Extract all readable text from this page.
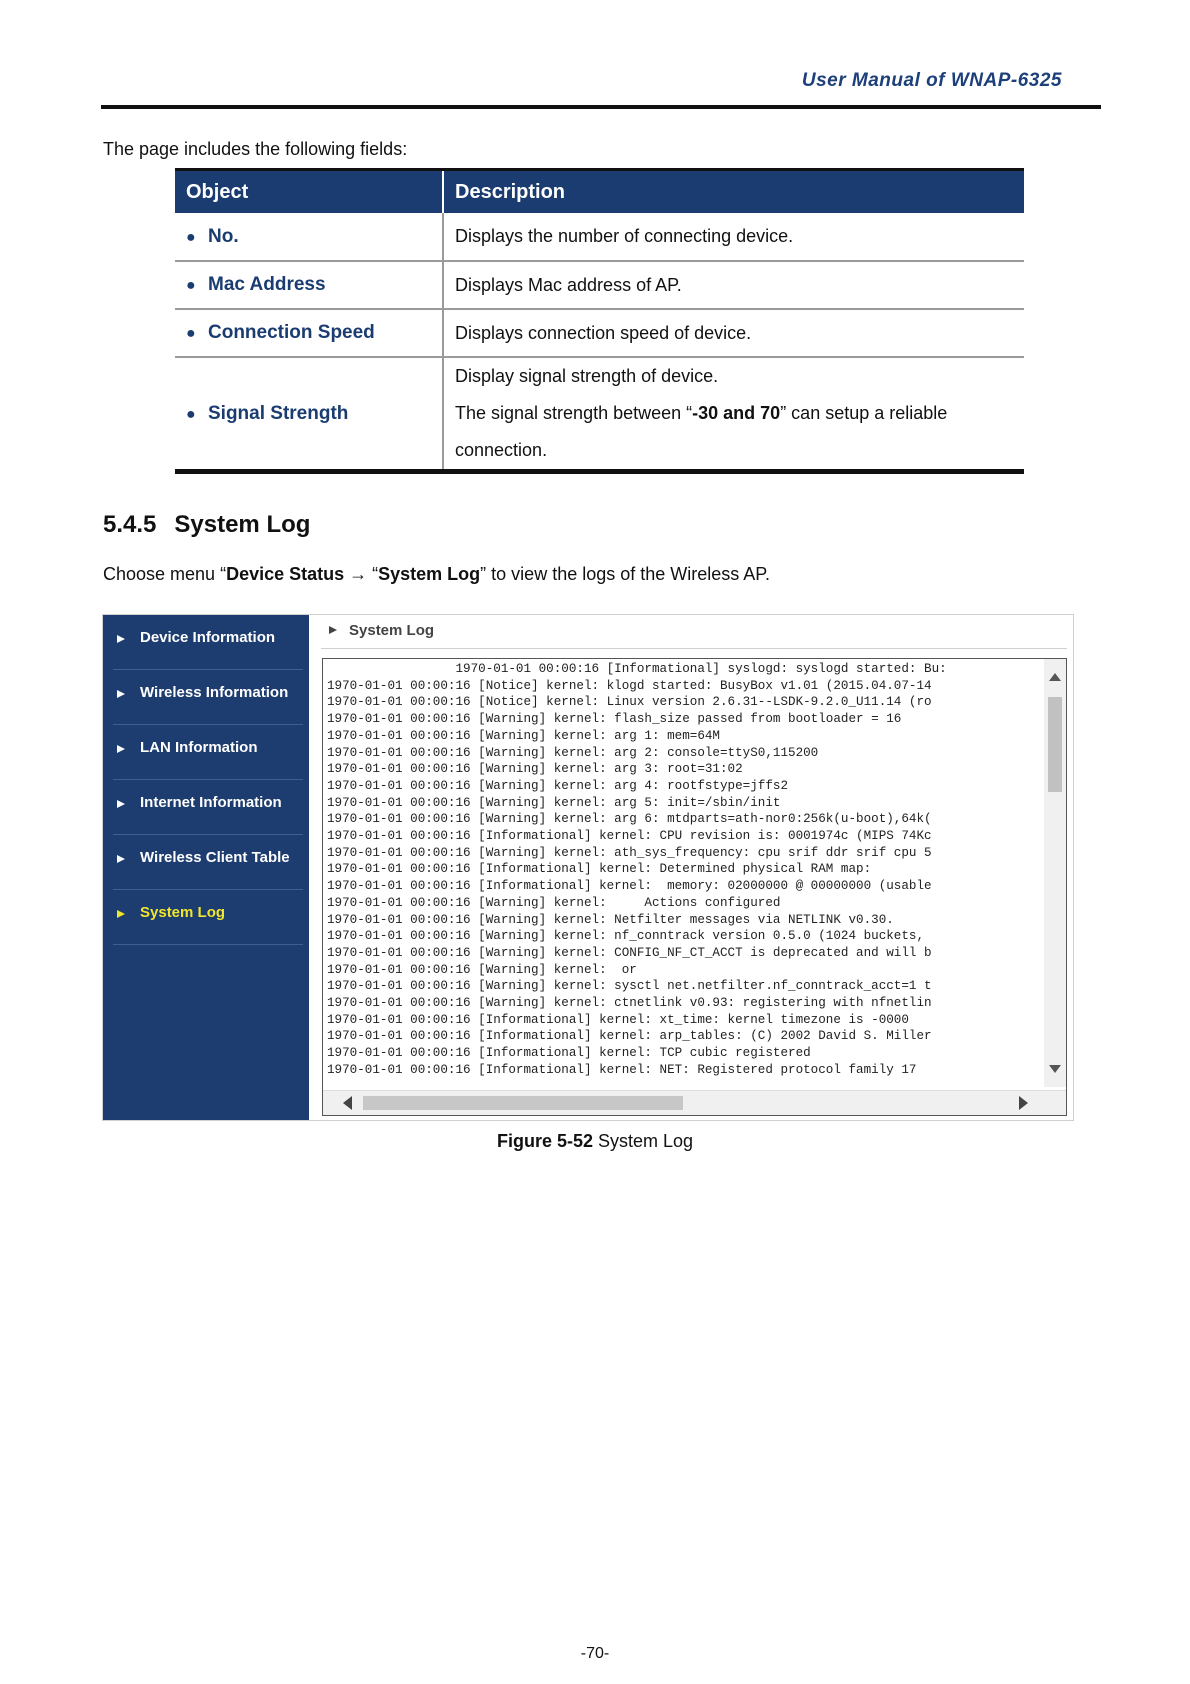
User Manual of WNAP-6325
The page includes the following fields:
Object	Description
● No.	Displays the number of connecting device.
● Mac Address	Displays Mac address of AP.
● Connection Speed	Displays connection speed of device.
● Signal Strength	Display signal strength of device.
The signal strength between “-30 and 70” can setup a reliable
connection.
5.4.5 System Log
Choose menu “Device Status → “System Log” to view the logs of the Wireless AP.
Device Information
Wireless Information
LAN Information
Internet Information
Wireless Client Table
System Log
System Log
1970-01-01 00:00:16 [Informational] syslogd: syslogd started: Bu:
1970-01-01 00:00:16 [Notice] kernel: klogd started: BusyBox v1.01 (2015.04.07-14
1970-01-01 00:00:16 [Notice] kernel: Linux version 2.6.31--LSDK-9.2.0_U11.14 (ro
1970-01-01 00:00:16 [Warning] kernel: flash_size passed from bootloader = 16
1970-01-01 00:00:16 [Warning] kernel: arg 1: mem=64M
1970-01-01 00:00:16 [Warning] kernel: arg 2: console=ttyS0,115200
1970-01-01 00:00:16 [Warning] kernel: arg 3: root=31:02
1970-01-01 00:00:16 [Warning] kernel: arg 4: rootfstype=jffs2
1970-01-01 00:00:16 [Warning] kernel: arg 5: init=/sbin/init
1970-01-01 00:00:16 [Warning] kernel: arg 6: mtdparts=ath-nor0:256k(u-boot),64k(
1970-01-01 00:00:16 [Informational] kernel: CPU revision is: 0001974c (MIPS 74Kc
1970-01-01 00:00:16 [Warning] kernel: ath_sys_frequency: cpu srif ddr srif cpu 5
1970-01-01 00:00:16 [Informational] kernel: Determined physical RAM map:
1970-01-01 00:00:16 [Informational] kernel:  memory: 02000000 @ 00000000 (usable
1970-01-01 00:00:16 [Warning] kernel:     Actions configured
1970-01-01 00:00:16 [Warning] kernel: Netfilter messages via NETLINK v0.30.
1970-01-01 00:00:16 [Warning] kernel: nf_conntrack version 0.5.0 (1024 buckets,
1970-01-01 00:00:16 [Warning] kernel: CONFIG_NF_CT_ACCT is deprecated and will b
1970-01-01 00:00:16 [Warning] kernel:  or
1970-01-01 00:00:16 [Warning] kernel: sysctl net.netfilter.nf_conntrack_acct=1 t
1970-01-01 00:00:16 [Warning] kernel: ctnetlink v0.93: registering with nfnetlin
1970-01-01 00:00:16 [Informational] kernel: xt_time: kernel timezone is -0000
1970-01-01 00:00:16 [Informational] kernel: arp_tables: (C) 2002 David S. Miller
1970-01-01 00:00:16 [Informational] kernel: TCP cubic registered
1970-01-01 00:00:16 [Informational] kernel: NET: Registered protocol family 17
Figure 5-52 System Log
-70-
